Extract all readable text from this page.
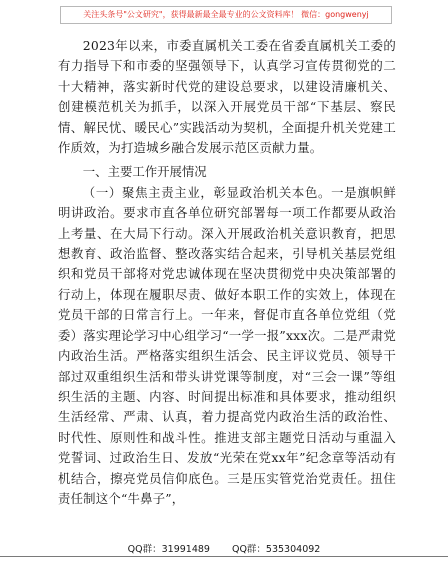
关注头条号"公文研究"，获得最新最全最专业的公文资料库！ 微信：gongwenyj

2023年以来，市委直属机关工委在省委直属机关工委的有力指导下和市委的坚强领导下，认真学习宣传贯彻党的二十大精神，落实新时代党的建设总要求，以建设清廉机关、创建模范机关为抓手，以深入开展党员干部“下基层、察民情、解民忧、暖民心”实践活动为契机，全面提升机关党建工作质效，为打造城乡融合发展示范区贡献力量。

一、主要工作开展情况

（一）聚焦主责主业，彰显政治机关本色。一是旗帜鲜明讲政治。要求市直各单位研究部署每一项工作都要从政治上考量、在大局下行动。深入开展政治机关意识教育，把思想教育、政治监督、整改落实结合起来，引导机关基层党组织和党员干部将对党忠诚体现在坚决贯彻党中央决策部署的行动上，体现在履职尽责、做好本职工作的实效上，体现在党员干部的日常言行上。一年来，督促市直各单位党组（党委）落实理论学习中心组学习“一学一报”xxx次。二是严肃党内政治生活。严格落实组织生活会、民主评议党员、领导干部过双重组织生活和带头讲党课等制度，对“三会一课”等组织生活的主题、内容、时间提出标准和具体要求，推动组织生活经常、严肃、认真，着力提高党内政治生活的政治性、时代性、原则性和战斗性。推进支部主题党日活动与重温入党誓词、过政治生日、发放“光荣在党xx年”纪念章等活动有机结合，擦亮党员信仰底色。三是压实管党治党责任。扭住责任制这个“牛鼻子”，

QQ群：31991489 QQ群：535304092
